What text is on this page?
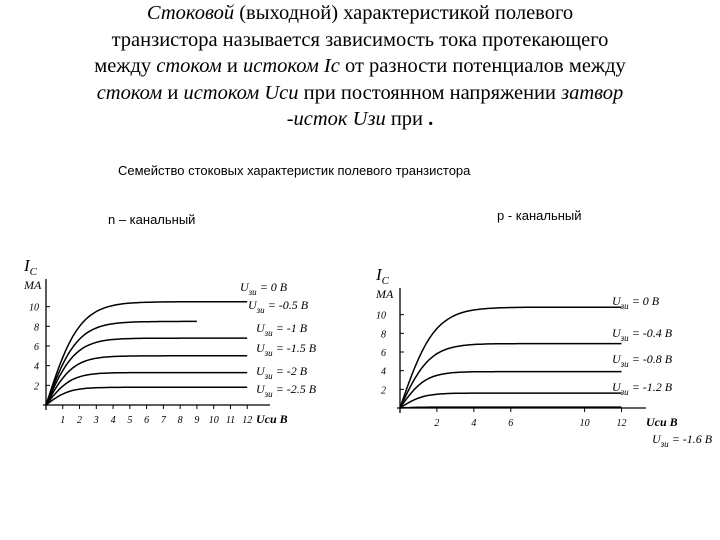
Стоковой (выходной) характеристикой полевого
транзистора называется зависимость тока протекающего
между стоком и истоком Ic от разности потенциалов между
стоком и истоком Ucи при постоянном напряжении затвор
-исток Uзи при .
Семейство стоковых характеристик полевого транзистора
n – канальный	р - канальный
$I_C$
MA
10
8
6
4
2
1 2 3 4 5 6 7 8 9 10 11 12 Ucи В
$U_{зи} = 0$ В
$U_{зи} = -0.5$ В
$U_{зи} = -1$ В
$U_{зи} = -1.5$ В
$U_{зи} = -2$ В
$U_{зи} = -2.5$ В
$I_C$
MA
10
8
6
4
2
2	4	6	10	12 Ucи В
$U_{зи} = 0$ В
$U_{зи} = -0.4$ В
$U_{зи} = -0.8$ В
$U_{зи} = -1.2$ В
$U_{зи} = -1.6$ В
